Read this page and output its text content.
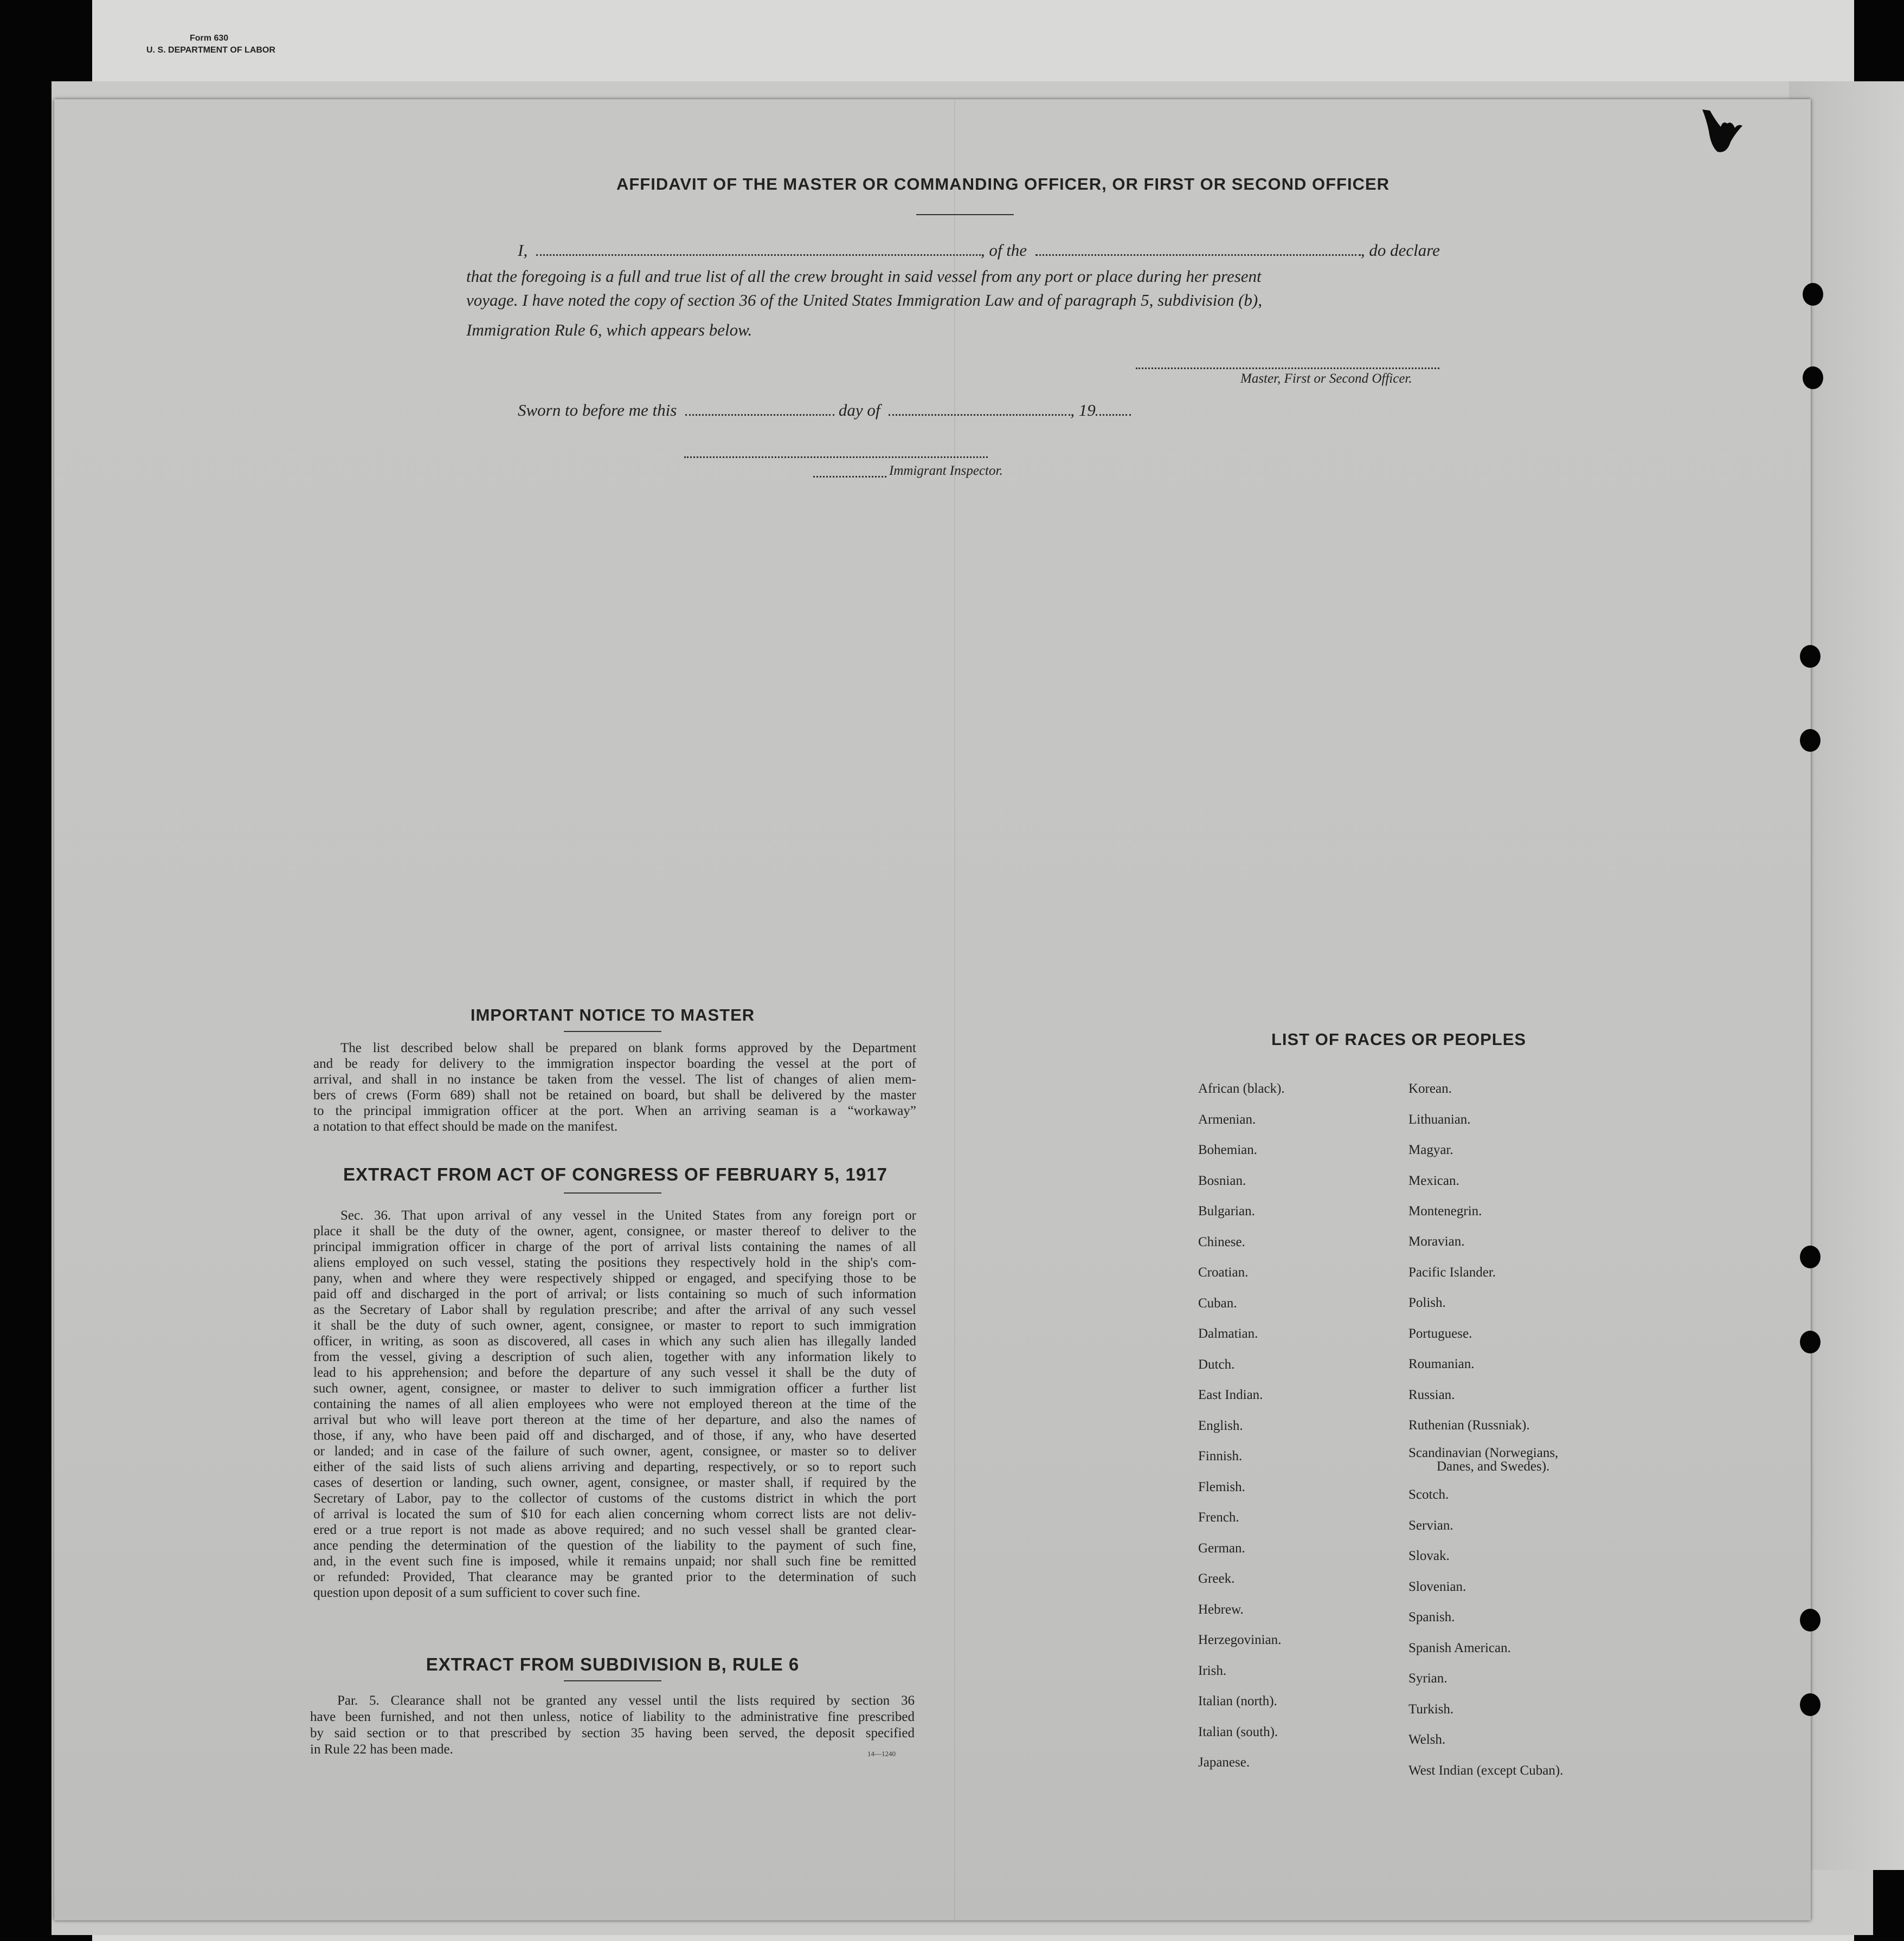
Form 630
U. S. DEPARTMENT OF LABOR
AFFIDAVIT OF THE MASTER OR COMMANDING OFFICER, OR FIRST OR SECOND OFFICER
I,	, of the	, do declare
that the foregoing is a full and true list of all the crew brought in said vessel from any port or place during her present
voyage. I have noted the copy of section 36 of the United States Immigration Law and of paragraph 5, subdivision (b),
Immigration Rule 6, which appears below.
Master, First or Second Officer.
Sworn to before me this	day of	, 19
Immigrant Inspector.
IMPORTANT NOTICE TO MASTER
The list described below shall be prepared on blank forms approved by the Department
and be ready for delivery to the immigration inspector boarding the vessel at the port of
arrival, and shall in no instance be taken from the vessel. The list of changes of alien mem-
bers of crews (Form 689) shall not be retained on board, but shall be delivered by the master
to the principal immigration officer at the port. When an arriving seaman is a “workaway”
a notation to that effect should be made on the manifest.
EXTRACT FROM ACT OF CONGRESS OF FEBRUARY 5, 1917
Sec. 36. That upon arrival of any vessel in the United States from any foreign port or
place it shall be the duty of the owner, agent, consignee, or master thereof to deliver to the
principal immigration officer in charge of the port of arrival lists containing the names of all
aliens employed on such vessel, stating the positions they respectively hold in the ship's com-
pany, when and where they were respectively shipped or engaged, and specifying those to be
paid off and discharged in the port of arrival; or lists containing so much of such information
as the Secretary of Labor shall by regulation prescribe; and after the arrival of any such vessel
it shall be the duty of such owner, agent, consignee, or master to report to such immigration
officer, in writing, as soon as discovered, all cases in which any such alien has illegally landed
from the vessel, giving a description of such alien, together with any information likely to
lead to his apprehension; and before the departure of any such vessel it shall be the duty of
such owner, agent, consignee, or master to deliver to such immigration officer a further list
containing the names of all alien employees who were not employed thereon at the time of the
arrival but who will leave port thereon at the time of her departure, and also the names of
those, if any, who have been paid off and discharged, and of those, if any, who have deserted
or landed; and in case of the failure of such owner, agent, consignee, or master so to deliver
either of the said lists of such aliens arriving and departing, respectively, or so to report such
cases of desertion or landing, such owner, agent, consignee, or master shall, if required by the
Secretary of Labor, pay to the collector of customs of the customs district in which the port
of arrival is located the sum of $10 for each alien concerning whom correct lists are not deliv-
ered or a true report is not made as above required; and no such vessel shall be granted clear-
ance pending the determination of the question of the liability to the payment of such fine,
and, in the event such fine is imposed, while it remains unpaid; nor shall such fine be remitted
or refunded: Provided, That clearance may be granted prior to the determination of such
question upon deposit of a sum sufficient to cover such fine.
EXTRACT FROM SUBDIVISION B, RULE 6
Par. 5. Clearance shall not be granted any vessel until the lists required by section 36
have been furnished, and not then unless, notice of liability to the administrative fine prescribed
by said section or to that prescribed by section 35 having been served, the deposit specified
in Rule 22 has been made.	14—1240
LIST OF RACES OR PEOPLES
African (black).
Armenian.
Bohemian.
Bosnian.
Bulgarian.
Chinese.
Croatian.
Cuban.
Dalmatian.
Dutch.
East Indian.
English.
Finnish.
Flemish.
French.
German.
Greek.
Hebrew.
Herzegovinian.
Irish.
Italian (north).
Italian (south).
Japanese.
Korean.
Lithuanian.
Magyar.
Mexican.
Montenegrin.
Moravian.
Pacific Islander.
Polish.
Portuguese.
Roumanian.
Russian.
Ruthenian (Russniak).
Scandinavian (Norwegians,
Danes, and Swedes).
Scotch.
Servian.
Slovak.
Slovenian.
Spanish.
Spanish American.
Syrian.
Turkish.
Welsh.
West Indian (except Cuban).
